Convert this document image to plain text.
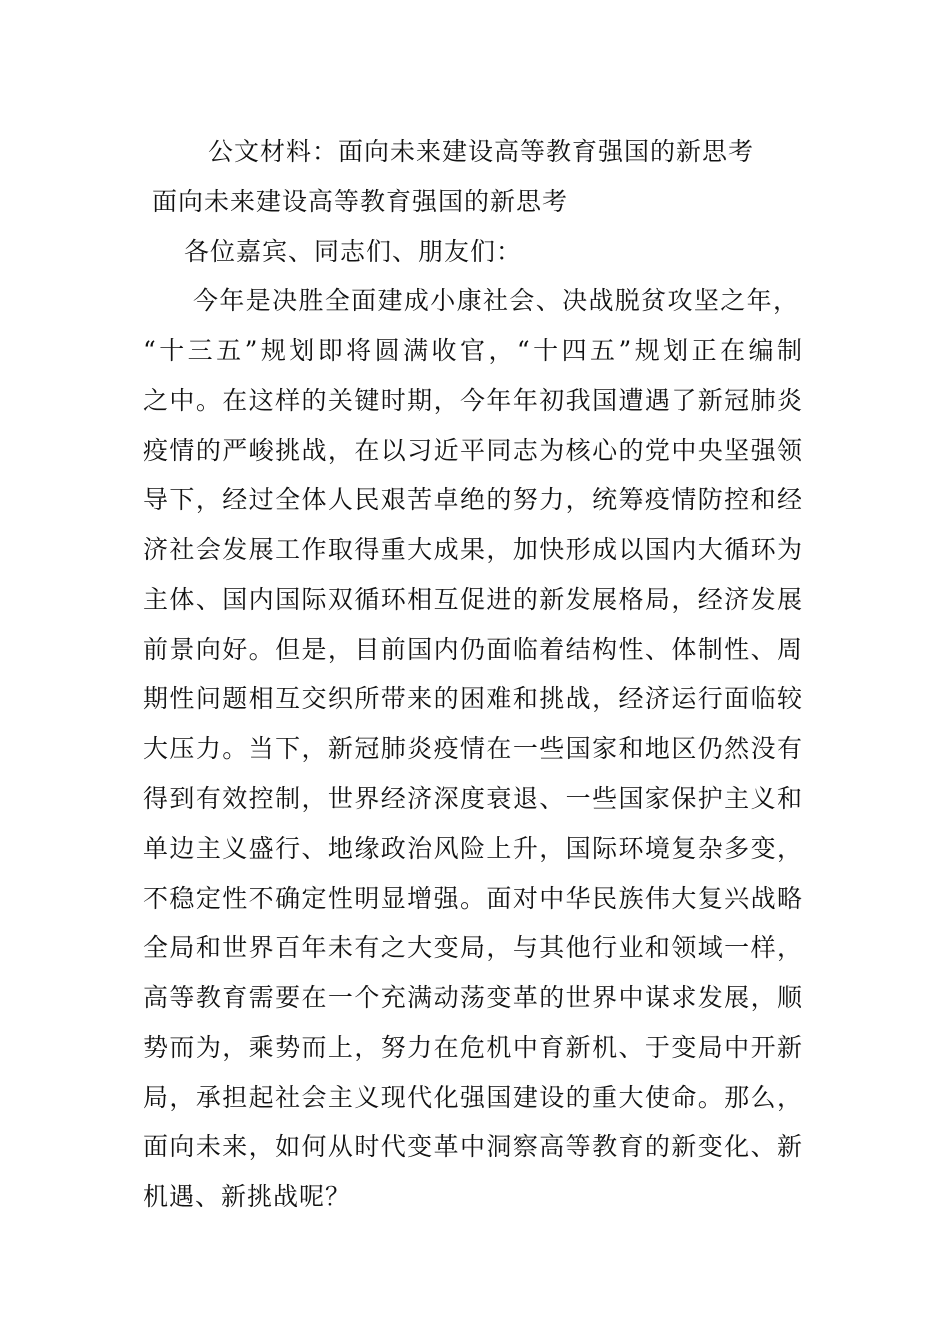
公文材料：面向未来建设高等教育强国的新思考
面向未来建设高等教育强国的新思考
各位嘉宾、同志们、朋友们：
今年是决胜全面建成小康社会、决战脱贫攻坚之年，
“十三五”规划即将圆满收官，“十四五”规划正在编制
之中。在这样的关键时期，今年年初我国遭遇了新冠肺炎
疫情的严峻挑战，在以习近平同志为核心的党中央坚强领
导下，经过全体人民艰苦卓绝的努力，统筹疫情防控和经
济社会发展工作取得重大成果，加快形成以国内大循环为
主体、国内国际双循环相互促进的新发展格局，经济发展
前景向好。但是，目前国内仍面临着结构性、体制性、周
期性问题相互交织所带来的困难和挑战，经济运行面临较
大压力。当下，新冠肺炎疫情在一些国家和地区仍然没有
得到有效控制，世界经济深度衰退、一些国家保护主义和
单边主义盛行、地缘政治风险上升，国际环境复杂多变，
不稳定性不确定性明显增强。面对中华民族伟大复兴战略
全局和世界百年未有之大变局，与其他行业和领域一样，
高等教育需要在一个充满动荡变革的世界中谋求发展，顺
势而为，乘势而上，努力在危机中育新机、于变局中开新
局，承担起社会主义现代化强国建设的重大使命。那么，
面向未来，如何从时代变革中洞察高等教育的新变化、新
机遇、新挑战呢？
